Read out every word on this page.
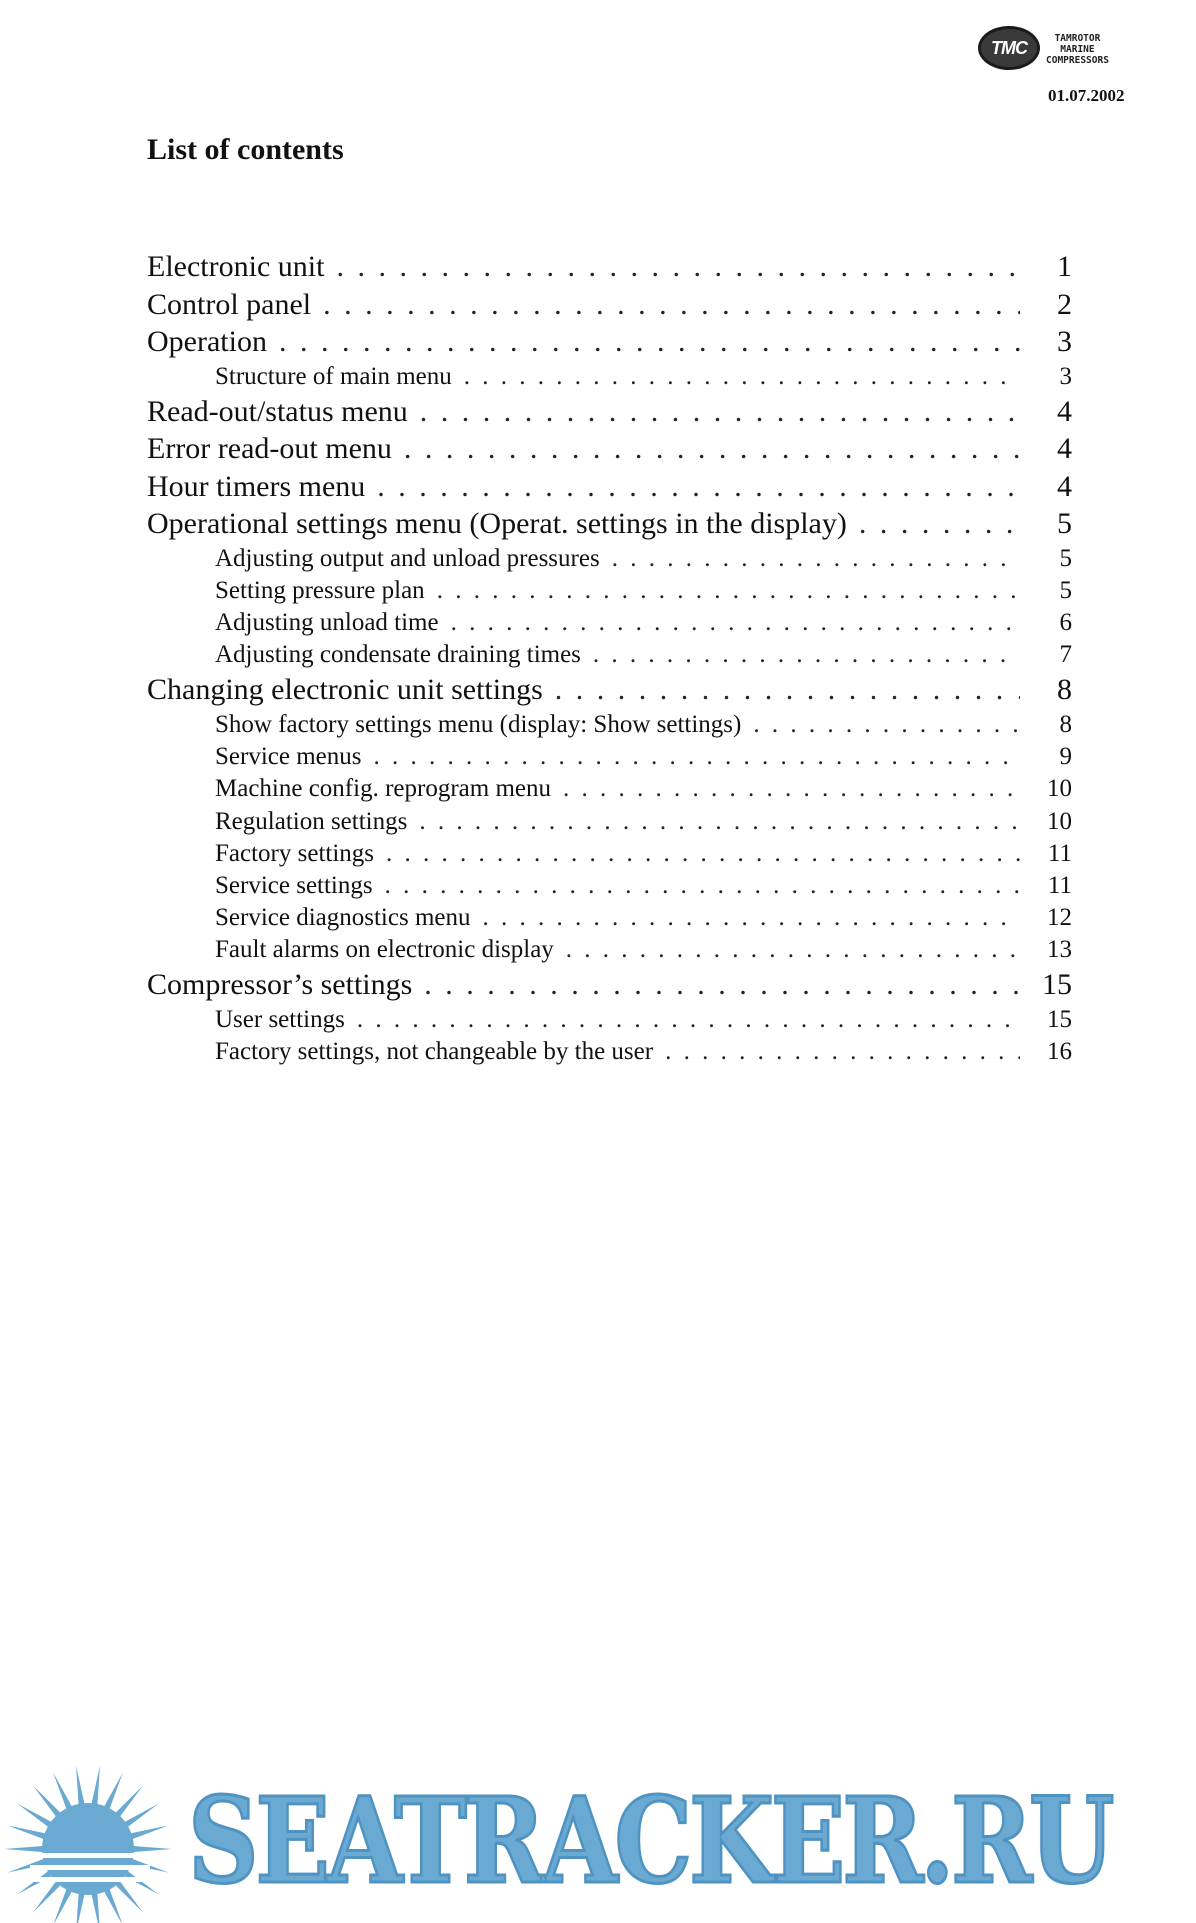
TMC	TAMROTOR
MARINE
COMPRESSORS
01.07.2002
List of contents
Electronic unit . . .	1
Control panel . . .	2
Operation . . .	3
Structure of main menu . . .	3
Read-out/status menu . . .	4
Error read-out menu . . .	4
Hour timers menu . . .	4
Operational settings menu (Operat. settings in the display) . . .	5
Adjusting output and unload pressures . . .	5
Setting pressure plan . . .	5
Adjusting unload time . . .	6
Adjusting condensate draining times . . .	7
Changing electronic unit settings . . .	8
Show factory settings menu (display: Show settings) . . .	8
Service menus . . .	9
Machine config. reprogram menu . . .	10
Regulation settings . . .	10
Factory settings . . .	11
Service settings . . .	11
Service diagnostics menu . . .	12
Fault alarms on electronic display . . .	13
Compressor’s settings . . .	15
User settings . . .	15
Factory settings, not changeable by the user . . .	16
SEATRACKER.RU
